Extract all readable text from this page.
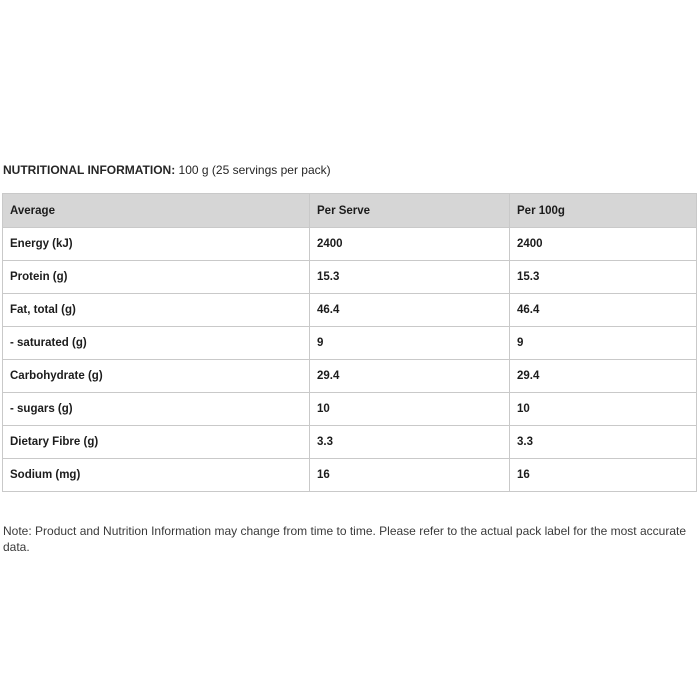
NUTRITIONAL INFORMATION: 100 g (25 servings per pack)
Average	Per Serve	Per 100g
Energy (kJ)	2400	2400
Protein (g)	15.3	15.3
Fat, total (g)	46.4	46.4
- saturated (g)	9	9
Carbohydrate (g)	29.4	29.4
- sugars (g)	10	10
Dietary Fibre (g)	3.3	3.3
Sodium (mg)	16	16

Note: Product and Nutrition Information may change from time to time. Please refer to the actual pack label for the most accurate data.
